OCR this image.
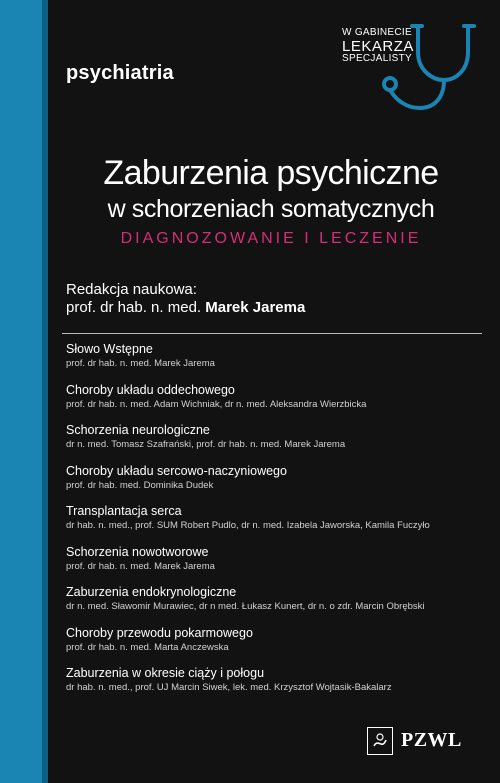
psychiatria
W GABINECIE
LEKARZA
SPECJALISTY
Zaburzenia psychiczne
w schorzeniach somatycznych
DIAGNOZOWANIE I LECZENIE
Redakcja naukowa:
prof. dr hab. n. med. Marek Jarema
Słowo Wstępne
prof. dr hab. n. med. Marek Jarema
Choroby układu oddechowego
prof. dr hab. n. med. Adam Wichniak, dr n. med. Aleksandra Wierzbicka
Schorzenia neurologiczne
dr n. med. Tomasz Szafrański, prof. dr hab. n. med. Marek Jarema
Choroby układu sercowo-naczyniowego
prof. dr hab. med. Dominika Dudek
Transplantacja serca
dr hab. n. med., prof. SUM Robert Pudlo, dr n. med. Izabela Jaworska, Kamila Fuczyło
Schorzenia nowotworowe
prof. dr hab. n. med. Marek Jarema
Zaburzenia endokrynologiczne
dr n. med. Sławomir Murawiec, dr n med. Łukasz Kunert, dr n. o zdr. Marcin Obrębski
Choroby przewodu pokarmowego
prof. dr hab. n. med. Marta Anczewska
Zaburzenia w okresie ciąży i połogu
dr hab. n. med., prof. UJ Marcin Siwek, lek. med. Krzysztof Wojtasik-Bakalarz
PZWL
